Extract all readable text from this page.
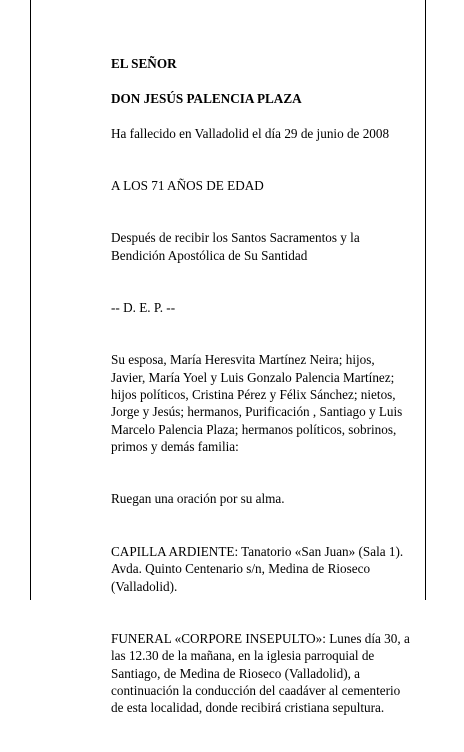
EL SEÑOR

DON JESÚS PALENCIA PLAZA

Ha fallecido en Valladolid el día 29 de junio de 2008

A LOS 71 AÑOS DE EDAD

Después de recibir los Santos Sacramentos y la
Bendición Apostólica de Su Santidad

-- D. E. P. --

Su esposa, María Heresvita Martínez Neira; hijos,
Javier, María Yoel y Luis Gonzalo Palencia Martínez;
hijos políticos, Cristina Pérez y Félix Sánchez; nietos,
Jorge y Jesús; hermanos, Purificación , Santiago y Luis
Marcelo Palencia Plaza; hermanos políticos, sobrinos,
primos y demás familia:

Ruegan una oración por su alma.

CAPILLA ARDIENTE: Tanatorio «San Juan» (Sala 1).
Avda. Quinto Centenario s/n, Medina de Rioseco
(Valladolid).

FUNERAL «CORPORE INSEPULTO»: Lunes día 30, a
las 12.30 de la mañana, en la iglesia parroquial de
Santiago, de Medina de Rioseco (Valladolid), a
continuación la conducción del caadáver al cementerio
de esta localidad, donde recibirá cristiana sepultura.
